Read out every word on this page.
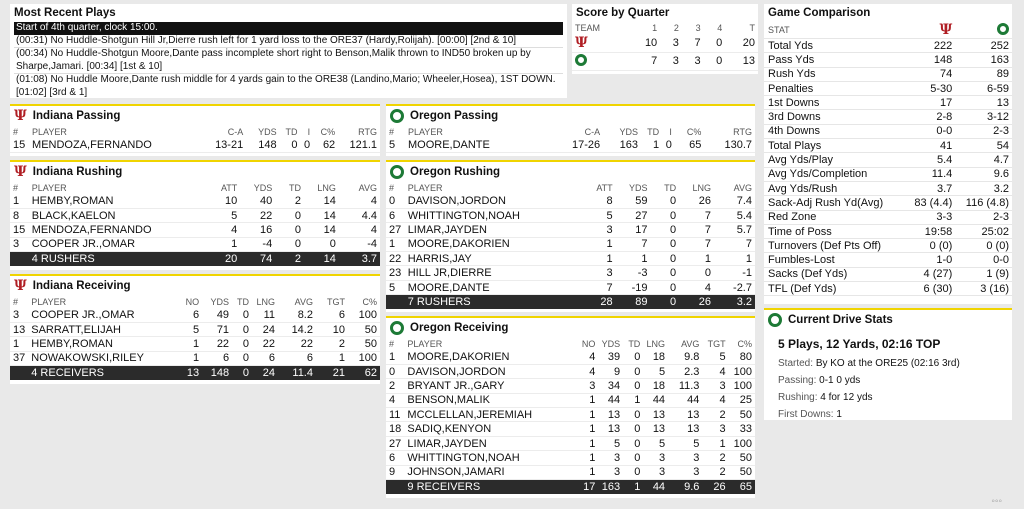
Most Recent Plays
Start of 4th quarter, clock 15:00.
(00:31) No Huddle-Shotgun Hill Jr,Dierre rush left for 1 yard loss to the ORE37 (Hardy,Rolijah). [00:00] [2nd & 10]
(00:34) No Huddle-Shotgun Moore,Dante pass incomplete short right to Benson,Malik thrown to IND50 broken up by Sharpe,Jamari. [00:34] [1st & 10]
(01:08) No Huddle Moore,Dante rush middle for 4 yards gain to the ORE38 (Landino,Mario; Wheeler,Hosea), 1ST DOWN. [01:02] [3rd & 1]
Score by Quarter
TEAM	1	2	3	4	T
Ψ	10	3	7	0	20
	7	3	3	0	13
Game Comparison
STAT	Ψ	
Total Yds	222	252
Pass Yds	148	163
Rush Yds	74	89
Penalties	5-30	6-59
1st Downs	17	13
3rd Downs	2-8	3-12
4th Downs	0-0	2-3
Total Plays	41	54
Avg Yds/Play	5.4	4.7
Avg Yds/Completion	11.4	9.6
Avg Yds/Rush	3.7	3.2
Sack-Adj Rush Yd(Avg)	83 (4.4)	116 (4.8)
Red Zone	3-3	2-3
Time of Poss	19:58	25:02
Turnovers (Def Pts Off)	0 (0)	0 (0)
Fumbles-Lost	1-0	0-0
Sacks (Def Yds)	4 (27)	1 (9)
TFL (Def Yds)	6 (30)	3 (16)
Current Drive Stats
5 Plays, 12 Yards, 02:16 TOP
Started: By KO at the ORE25 (02:16 3rd)
Passing: 0-1 0 yds
Rushing: 4 for 12 yds
First Downs: 1
Ψ Indiana Passing
#	PLAYER	C-A	YDS	TD	I	C%	RTG
15	MENDOZA,FERNANDO	13-21	148	0	0	62	121.1
Ψ Indiana Rushing
#	PLAYER	ATT	YDS	TD	LNG	AVG
1	HEMBY,ROMAN	10	40	2	14	4
8	BLACK,KAELON	5	22	0	14	4.4
15	MENDOZA,FERNANDO	4	16	0	14	4
3	COOPER JR.,OMAR	1	-4	0	0	-4
	4 RUSHERS	20	74	2	14	3.7
Ψ Indiana Receiving
#	PLAYER	NO	YDS	TD	LNG	AVG	TGT	C%
3	COOPER JR.,OMAR	6	49	0	11	8.2	6	100
13	SARRATT,ELIJAH	5	71	0	24	14.2	10	50
1	HEMBY,ROMAN	1	22	0	22	22	2	50
37	NOWAKOWSKI,RILEY	1	6	0	6	6	1	100
	4 RECEIVERS	13	148	0	24	11.4	21	62
Oregon Passing
#	PLAYER	C-A	YDS	TD	I	C%	RTG
5	MOORE,DANTE	17-26	163	1	0	65	130.7
Oregon Rushing
#	PLAYER	ATT	YDS	TD	LNG	AVG
0	DAVISON,JORDON	8	59	0	26	7.4
6	WHITTINGTON,NOAH	5	27	0	7	5.4
27	LIMAR,JAYDEN	3	17	0	7	5.7
1	MOORE,DAKORIEN	1	7	0	7	7
22	HARRIS,JAY	1	1	0	1	1
23	HILL JR,DIERRE	3	-3	0	0	-1
5	MOORE,DANTE	7	-19	0	4	-2.7
	7 RUSHERS	28	89	0	26	3.2
Oregon Receiving
#	PLAYER	NO	YDS	TD	LNG	AVG	TGT	C%
1	MOORE,DAKORIEN	4	39	0	18	9.8	5	80
0	DAVISON,JORDON	4	9	0	5	2.3	4	100
2	BRYANT JR.,GARY	3	34	0	18	11.3	3	100
4	BENSON,MALIK	1	44	1	44	44	4	25
11	MCCLELLAN,JEREMIAH	1	13	0	13	13	2	50
18	SADIQ,KENYON	1	13	0	13	13	3	33
27	LIMAR,JAYDEN	1	5	0	5	5	1	100
6	WHITTINGTON,NOAH	1	3	0	3	3	2	50
9	JOHNSON,JAMARI	1	3	0	3	3	2	50
	9 RECEIVERS	17	163	1	44	9.6	26	65
◦◦◦
